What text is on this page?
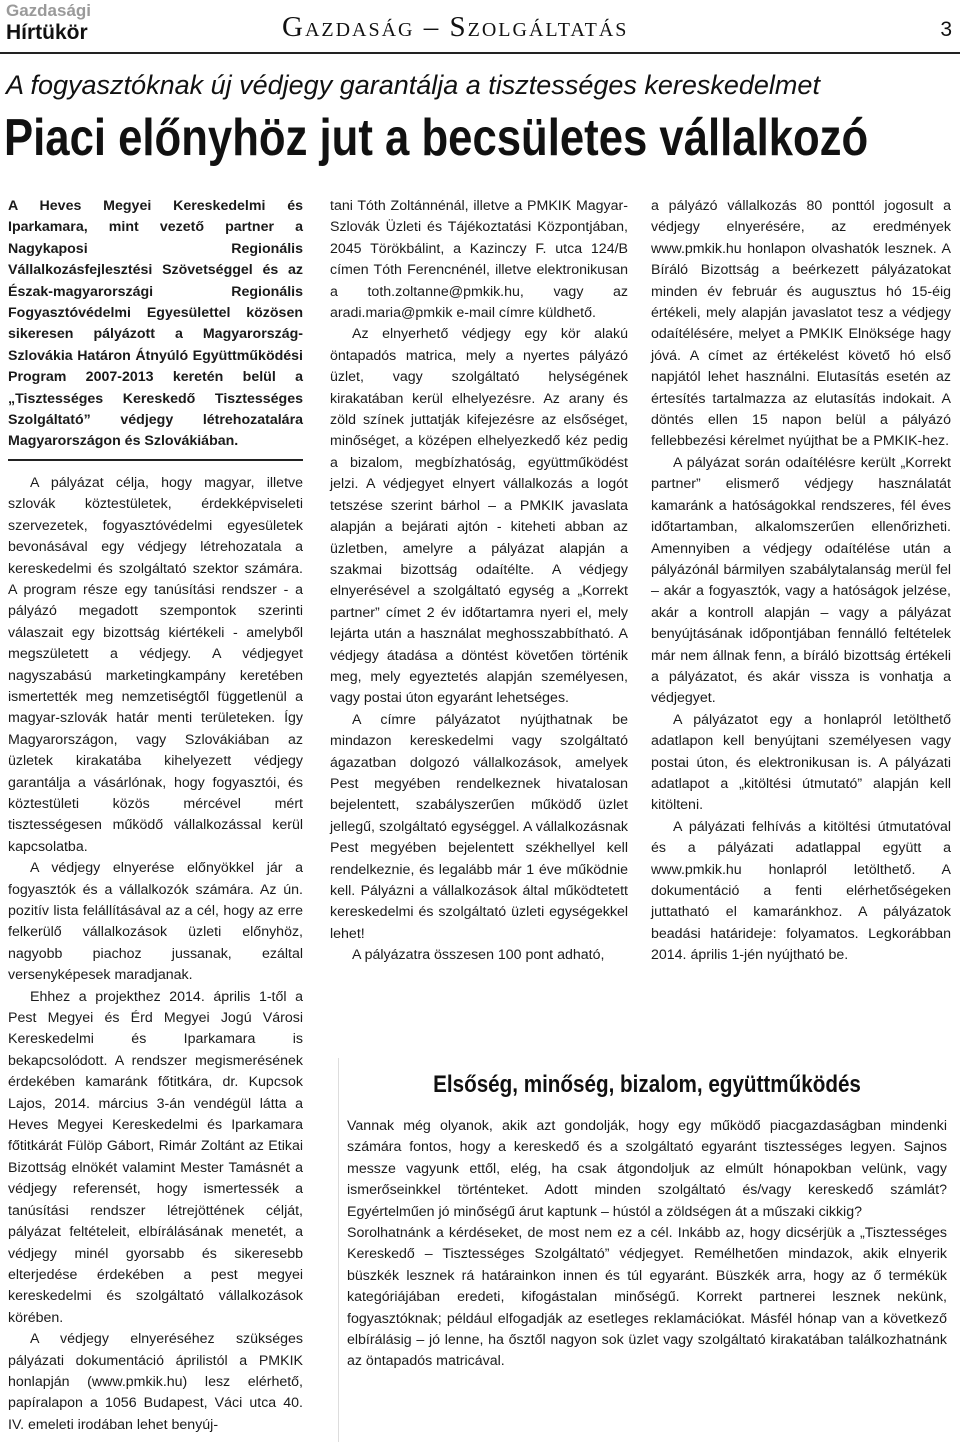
Gazdasági
Hírtükör	Gazdaság – Szolgáltatás	3
A fogyasztóknak új védjegy garantálja a tisztességes kereskedelmet
Piaci előnyhöz jut a becsületes vállalkozó
A Heves Megyei Kereskedelmi és Iparkamara, mint vezető partner a Nagykaposi Regionális Vállalkozásfejlesztési Szövetséggel és az Észak-magyarországi Regionális Fogyasztóvédelmi Egyesülettel közösen sikeresen pályázott a Magyarország-Szlovákia Határon Átnyúló Együttműködési Program 2007-2013 keretén belül a „Tisztességes Kereskedő Tisztességes Szolgáltató” védjegy létrehozatalára Magyarországon és Szlovákiában.

A pályázat célja, hogy magyar, illetve szlovák köztestületek, érdekképviseleti szervezetek, fogyasztóvédelmi egyesületek bevonásával egy védjegy létrehozatala a kereskedelmi és szolgáltató szektor számára. A program része egy tanúsítási rendszer - a pályázó megadott szempontok szerinti válaszait egy bizottság kiértékeli - amelyből megszületett a védjegy. A védjegyet nagyszabású marketingkampány keretében ismertették meg nemzetiségtől függetlenül a magyar-szlovák határ menti területeken. Így Magyarországon, vagy Szlovákiában az üzletek kirakatába kihelyezett védjegy garantálja a vásárlónak, hogy fogyasztói, és köztestületi közös mércével mért tisztességesen működő vállalkozással kerül kapcsolatba.

A védjegy elnyerése előnyökkel jár a fogyasztók és a vállalkozók számára. Az ún. pozitív lista felállításával az a cél, hogy az erre felkerülő vállalkozások üzleti előnyhöz, nagyobb piachoz jussanak, ezáltal versenyképesek maradjanak.

Ehhez a projekthez 2014. április 1-től a Pest Megyei és Érd Megyei Jogú Városi Kereskedelmi és Iparkamara is bekapcsolódott. A rendszer megismerésének érdekében kamaránk főtitkára, dr. Kupcsok Lajos, 2014. március 3-án vendégül látta a Heves Megyei Kereskedelmi és Iparkamara főtitkárát Fülöp Gábort, Rimár Zoltánt az Etikai Bizottság elnökét valamint Mester Tamásnét a védjegy referensét, hogy ismertessék a tanúsítási rendszer létrejöttének célját, pályázat feltételeit, elbírálásának menetét, a védjegy minél gyorsabb és sikeresebb elterjedése érdekében a pest megyei kereskedelmi és szolgáltató vállalkozások körében.

A védjegy elnyeréséhez szükséges pályázati dokumentáció áprilistól a PMKIK honlapján (www.pmkik.hu) lesz elérhető, papíralapon a 1056 Budapest, Váci utca 40. IV. emeleti irodában lehet benyúj-

tani Tóth Zoltánnénál, illetve a PMKIK Magyar-Szlovák Üzleti és Tájékoztatási Központjában, 2045 Törökbálint, a Kazinczy F. utca 124/B címen Tóth Ferencnénél, illetve elektronikusan a toth.zoltanne@pmkik.hu, vagy az aradi.maria@pmkik e-mail címre küldhető.

Az elnyerhető védjegy egy kör alakú öntapadós matrica, mely a nyertes pályázó üzlet, vagy szolgáltató helységének kirakatában kerül elhelyezésre. Az arany és zöld színek juttatják kifejezésre az elsőséget, minőséget, a középen elhelyezkedő kéz pedig a bizalom, megbízhatóság, együttműködést jelzi. A védjegyet elnyert vállalkozás a logót tetszése szerint bárhol – a PMKIK javaslata alapján a bejárati ajtón - kiteheti abban az üzletben, amelyre a pályázat alapján a szakmai bizottság odaítélte. A védjegy elnyerésével a szolgáltató egység a „Korrekt partner” címet 2 év időtartamra nyeri el, mely lejárta után a használat meghosszabbítható. A védjegy átadása a döntést követően történik meg, mely egyeztetés alapján személyesen, vagy postai úton egyaránt lehetséges.

A címre pályázatot nyújthatnak be mindazon kereskedelmi vagy szolgáltató ágazatban dolgozó vállalkozások, amelyek Pest megyében rendelkeznek hivatalosan bejelentett, szabályszerűen működő üzlet jellegű, szolgáltató egységgel. A vállalkozásnak Pest megyében bejelentett székhellyel kell rendelkeznie, és legalább már 1 éve működnie kell. Pályázni a vállalkozások által működtetett kereskedelmi és szolgáltató üzleti egységekkel lehet!

A pályázatra összesen 100 pont adható,

a pályázó vállalkozás 80 ponttól jogosult a védjegy elnyerésére, az eredmények www.pmkik.hu honlapon olvashatók lesznek. A Bíráló Bizottság a beérkezett pályázatokat minden év február és augusztus hó 15-éig értékeli, mely alapján javaslatot tesz a védjegy odaítélésére, melyet a PMKIK Elnöksége hagy jóvá. A címet az értékelést követő hó első napjától lehet használni. Elutasítás esetén az értesítés tartalmazza az elutasítás indokait. A döntés ellen 15 napon belül a pályázó fellebbezési kérelmet nyújthat be a PMKIK-hez.

A pályázat során odaítélésre került „Korrekt partner” elismerő védjegy használatát kamaránk a hatóságokkal rendszeres, fél éves időtartamban, alkalomszerűen ellenőrizheti. Amennyiben a védjegy odaítélése után a pályázónál bármilyen szabálytalanság merül fel – akár a fogyasztók, vagy a hatóságok jelzése, akár a kontroll alapján – vagy a pályázat benyújtásának időpontjában fennálló feltételek már nem állnak fenn, a bíráló bizottság értékeli a pályázatot, és akár vissza is vonhatja a védjegyet.

A pályázatot egy a honlapról letölthető adatlapon kell benyújtani személyesen vagy postai úton, és elektronikusan is. A pályázati adatlapot a „kitöltési útmutató” alapján kell kitölteni.

A pályázati felhívás a kitöltési útmutatóval és a pályázati adatlappal együtt a www.pmkik.hu honlapról letölthető. A dokumentáció a fenti elérhetőségeken juttatható el kamaránkhoz. A pályázatok beadási határideje: folyamatos. Legkorábban 2014. április 1-jén nyújtható be.

Elsőség, minőség, bizalom, együttműködés

Vannak még olyanok, akik azt gondolják, hogy egy működő piacgazdaságban mindenki számára fontos, hogy a kereskedő és a szolgáltató egyaránt tisztességes legyen. Sajnos messze vagyunk ettől, elég, ha csak átgondoljuk az elmúlt hónapokban velünk, vagy ismerőseinkkel történteket. Adott minden szolgáltató és/vagy kereskedő számlát? Egyértelműen jó minőségű árut kaptunk – hústól a zöldségen át a műszaki cikkig?

Sorolhatnánk a kérdéseket, de most nem ez a cél. Inkább az, hogy dicsérjük a „Tisztességes Kereskedő – Tisztességes Szolgáltató” védjegyet. Remélhetően mindazok, akik elnyerik büszkék lesznek rá határainkon innen és túl egyaránt. Büszkék arra, hogy az ő termékük kategóriájában eredeti, kifogástalan minőségű. Korrekt partnerei lesznek nekünk, fogyasztóknak; például elfogadják az esetleges reklamációkat. Másfél hónap van a következő elbírálásig – jó lenne, ha ősztől nagyon sok üzlet vagy szolgáltató kirakatában találkozhatnánk az öntapadós matricával.
